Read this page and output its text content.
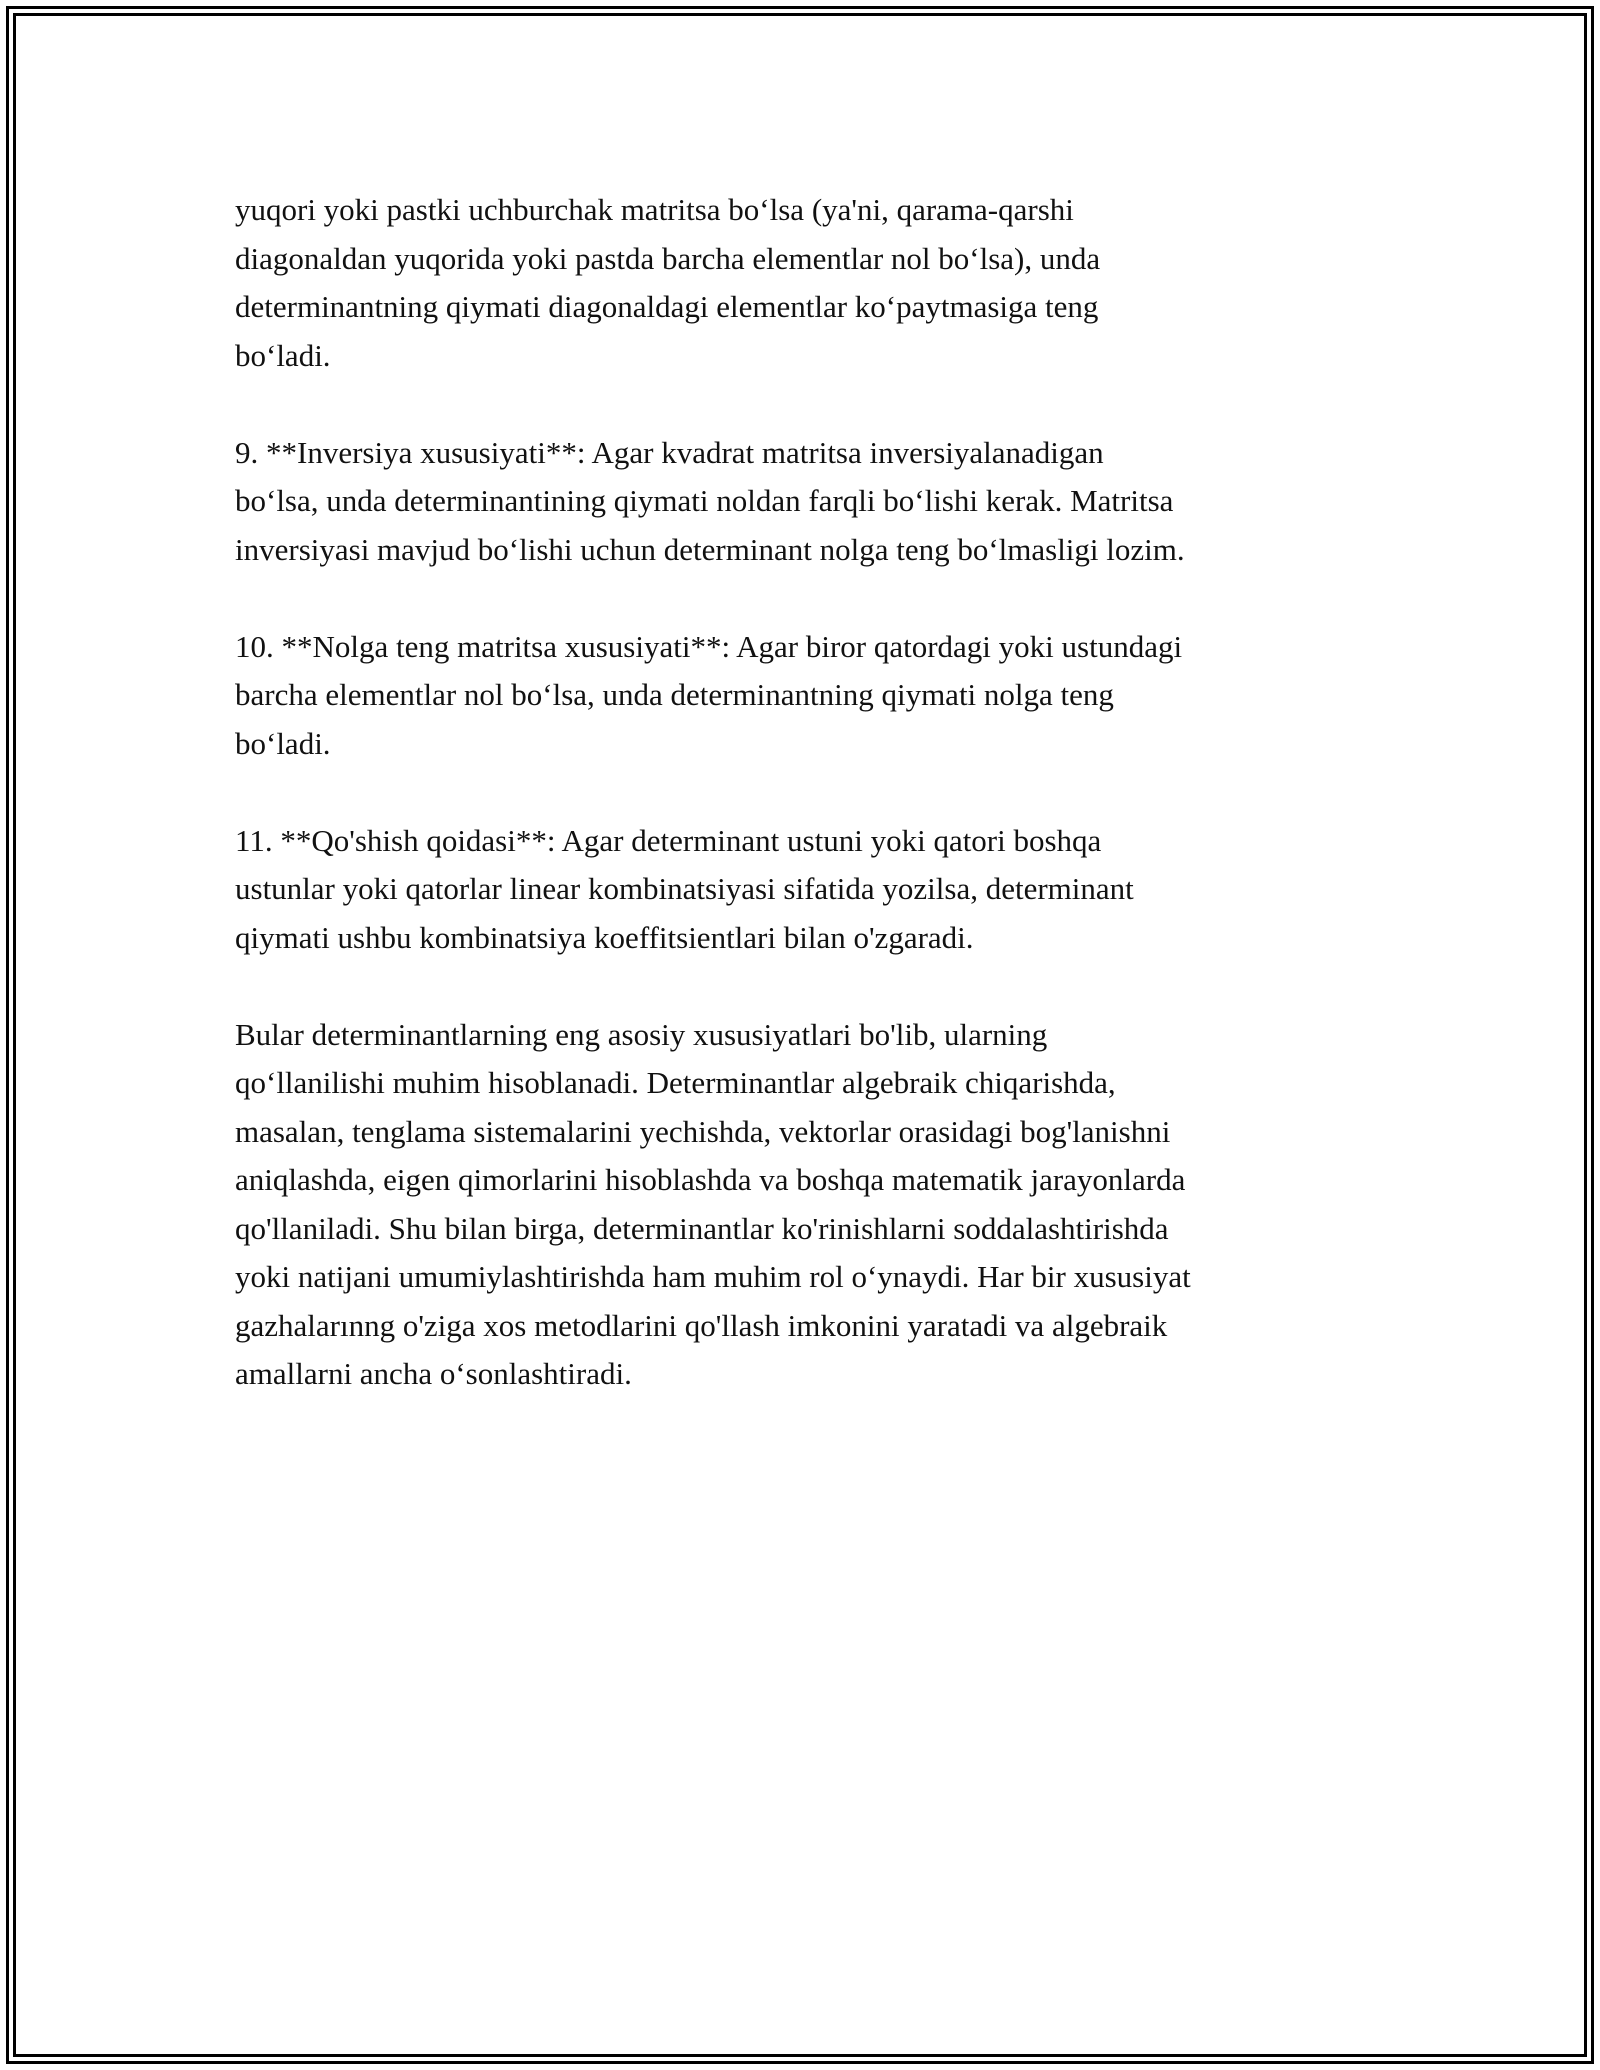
yuqori yoki pastki uchburchak matritsa bo‘lsa (ya'ni, qarama-qarshi
diagonaldan yuqorida yoki pastda barcha elementlar nol bo‘lsa), unda
determinantning qiymati diagonaldagi elementlar ko‘paytmasiga teng
bo‘ladi.

9. **Inversiya xususiyati**: Agar kvadrat matritsa inversiyalanadigan
bo‘lsa, unda determinantining qiymati noldan farqli bo‘lishi kerak. Matritsa
inversiyasi mavjud bo‘lishi uchun determinant nolga teng bo‘lmasligi lozim.

10. **Nolga teng matritsa xususiyati**: Agar biror qatordagi yoki ustundagi
barcha elementlar nol bo‘lsa, unda determinantning qiymati nolga teng
bo‘ladi.

11. **Qo'shish qoidasi**: Agar determinant ustuni yoki qatori boshqa
ustunlar yoki qatorlar linear kombinatsiyasi sifatida yozilsa, determinant
qiymati ushbu kombinatsiya koeffitsientlari bilan o'zgaradi.

Bular determinantlarning eng asosiy xususiyatlari bo'lib, ularning
qo‘llanilishi muhim hisoblanadi. Determinantlar algebraik chiqarishda,
masalan, tenglama sistemalarini yechishda, vektorlar orasidagi bog'lanishni
aniqlashda, eigen qimorlarini hisoblashda va boshqa matematik jarayonlarda
qo'llaniladi. Shu bilan birga, determinantlar ko'rinishlarni soddalashtirishda
yoki natijani umumiylashtirishda ham muhim rol o‘ynaydi. Har bir xususiyat
gazhalarınng o'ziga xos metodlarini qo'llash imkonini yaratadi va algebraik
amallarni ancha o‘sonlashtiradi.
